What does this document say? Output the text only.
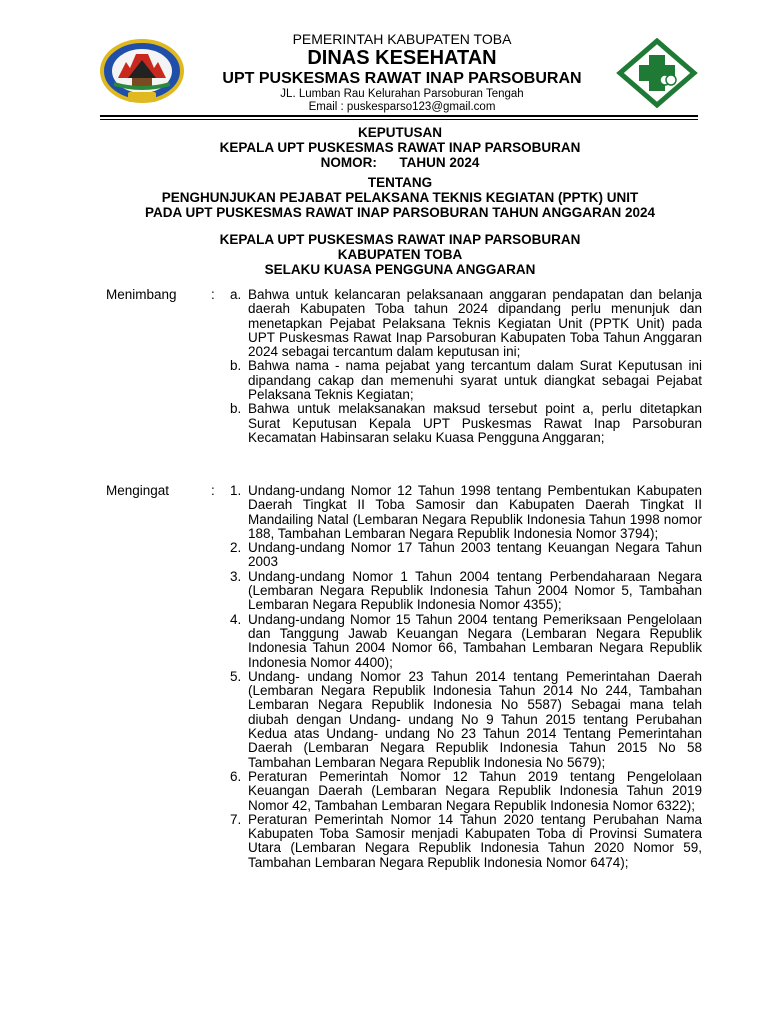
PEMERINTAH KABUPATEN TOBA
DINAS KESEHATAN
UPT PUSKESMAS RAWAT INAP PARSOBURAN
JL. Lumban Rau Kelurahan Parsoburan Tengah
Email : puskesparso123@gmail.com
KEPUTUSAN
KEPALA UPT PUSKESMAS RAWAT INAP PARSOBURAN
NOMOR:      TAHUN 2024
TENTANG
PENGHUNJUKAN PEJABAT PELAKSANA TEKNIS KEGIATAN (PPTK) UNIT
PADA UPT PUSKESMAS RAWAT INAP PARSOBURAN TAHUN ANGGARAN 2024
KEPALA UPT PUSKESMAS RAWAT INAP PARSOBURAN
KABUPATEN TOBA
SELAKU KUASA PENGGUNA ANGGARAN
Menimbang	: a. Bahwa untuk kelancaran pelaksanaan anggaran pendapatan dan belanja daerah Kabupaten Toba tahun 2024 dipandang perlu menunjuk dan menetapkan Pejabat Pelaksana Teknis Kegiatan Unit (PPTK Unit) pada UPT Puskesmas Rawat Inap Parsoburan Kabupaten Toba Tahun Anggaran 2024 sebagai tercantum dalam keputusan ini;
b. Bahwa nama - nama pejabat yang tercantum dalam Surat Keputusan ini dipandang cakap dan memenuhi syarat untuk diangkat sebagai Pejabat Pelaksana Teknis Kegiatan;
b. Bahwa untuk melaksanakan maksud tersebut point a, perlu ditetapkan Surat Keputusan Kepala UPT Puskesmas Rawat Inap Parsoburan Kecamatan Habinsaran selaku Kuasa Pengguna Anggaran;
Mengingat	: 1. Undang-undang Nomor 12 Tahun 1998 tentang Pembentukan Kabupaten Daerah Tingkat II Toba Samosir dan Kabupaten Daerah Tingkat II Mandailing Natal (Lembaran Negara Republik Indonesia Tahun 1998 nomor 188, Tambahan Lembaran Negara Republik Indonesia Nomor 3794);
2. Undang-undang Nomor 17 Tahun 2003 tentang Keuangan Negara Tahun 2003
3. Undang-undang Nomor 1 Tahun 2004 tentang Perbendaharaan Negara (Lembaran Negara Republik Indonesia Tahun 2004 Nomor 5, Tambahan Lembaran Negara Republik Indonesia Nomor 4355);
4. Undang-undang Nomor 15 Tahun 2004 tentang Pemeriksaan Pengelolaan dan Tanggung Jawab Keuangan Negara (Lembaran Negara Republik Indonesia Tahun 2004 Nomor 66, Tambahan Lembaran Negara Republik Indonesia Nomor 4400);
5. Undang- undang Nomor 23 Tahun 2014 tentang Pemerintahan Daerah (Lembaran Negara Republik Indonesia Tahun 2014 No 244, Tambahan Lembaran Negara Republik Indonesia No 5587) Sebagai mana telah diubah dengan Undang- undang No 9 Tahun 2015 tentang Perubahan Kedua atas Undang- undang No 23 Tahun 2014 Tentang Pemerintahan Daerah (Lembaran Negara Republik Indonesia Tahun 2015 No 58 Tambahan Lembaran Negara Republik Indonesia No 5679);
6. Peraturan Pemerintah Nomor 12 Tahun 2019 tentang Pengelolaan Keuangan Daerah (Lembaran Negara Republik Indonesia Tahun 2019 Nomor 42, Tambahan Lembaran Negara Republik Indonesia Nomor 6322);
7. Peraturan Pemerintah Nomor 14 Tahun 2020 tentang Perubahan Nama Kabupaten Toba Samosir menjadi Kabupaten Toba di Provinsi Sumatera Utara (Lembaran Negara Republik Indonesia Tahun 2020 Nomor 59, Tambahan Lembaran Negara Republik Indonesia Nomor 6474);
